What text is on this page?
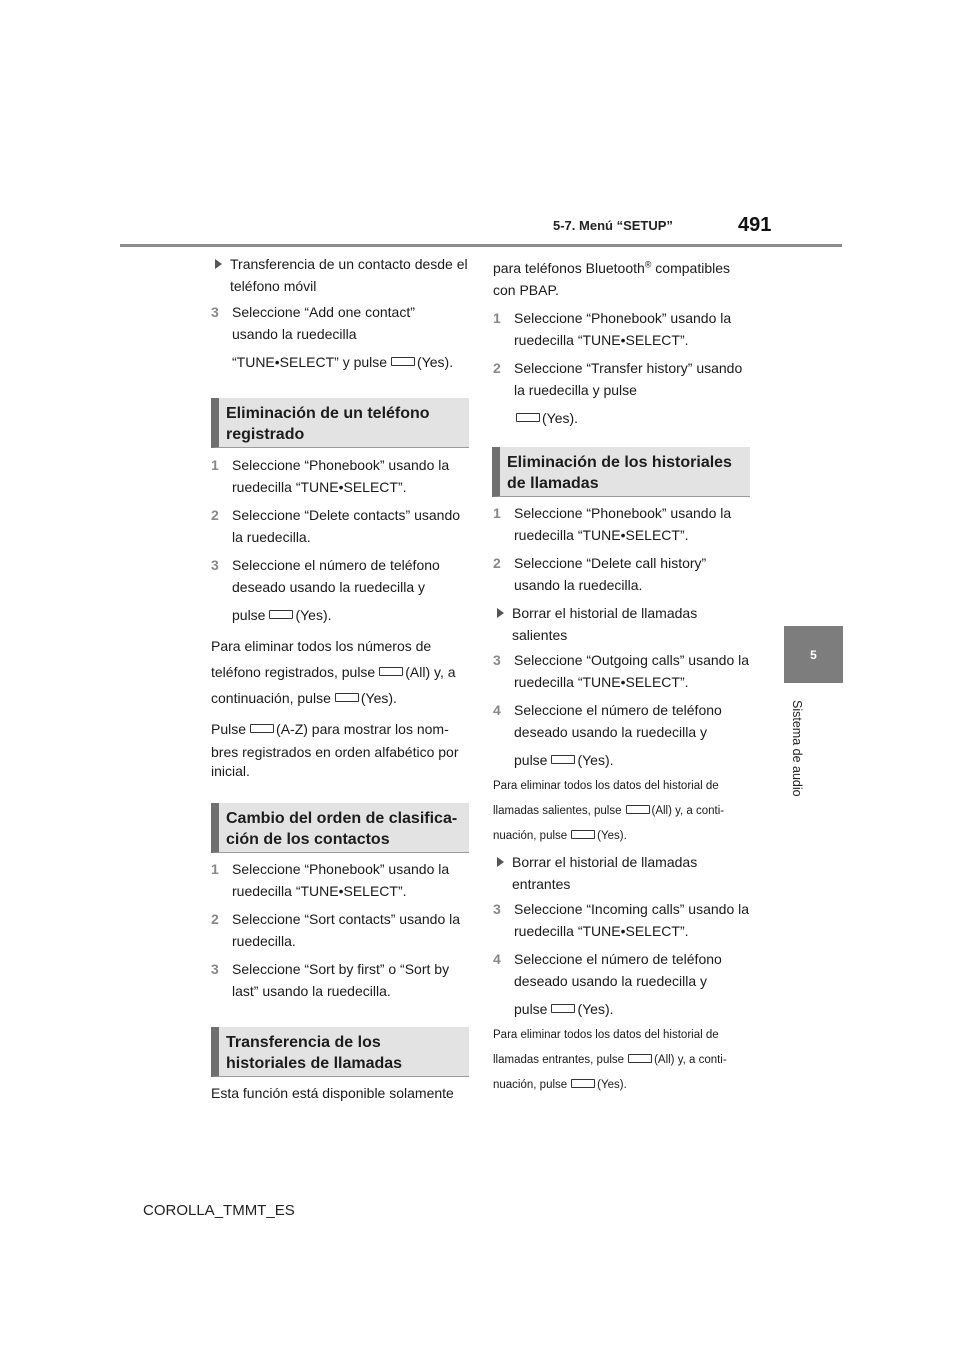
5-7. Menú “SETUP”	491
5
Sistema de audio

Transferencia de un contacto desde el teléfono móvil

3 Seleccione “Add one contact”
usando la ruedecilla

“TUNE•SELECT” y pulse (Yes).

Eliminación de un teléfono registrado

1 Seleccione “Phonebook” usando la ruedecilla “TUNE•SELECT”.

2 Seleccione “Delete contacts” usando la ruedecilla.

3 Seleccione el número de teléfono deseado usando la ruedecilla y

pulse (Yes).

Para eliminar todos los números de

teléfono registrados, pulse (All) y, a

continuación, pulse (Yes).

Pulse (A-Z) para mostrar los nom-

bres registrados en orden alfabético por inicial.

Cambio del orden de clasifica- ción de los contactos

1 Seleccione “Phonebook” usando la ruedecilla “TUNE•SELECT”.

2 Seleccione “Sort contacts” usando la ruedecilla.

3 Seleccione “Sort by first” o “Sort by last” usando la ruedecilla.

Transferencia de los historiales de llamadas

Esta función está disponible solamente

para teléfonos Bluetooth® compatibles con PBAP.

1 Seleccione “Phonebook” usando la ruedecilla “TUNE•SELECT”.

2 Seleccione “Transfer history” usando la ruedecilla y pulse

(Yes).

Eliminación de los historiales de llamadas

1 Seleccione “Phonebook” usando la ruedecilla “TUNE•SELECT”.

2 Seleccione “Delete call history” usando la ruedecilla.

Borrar el historial de llamadas salientes

3 Seleccione “Outgoing calls” usando la ruedecilla “TUNE•SELECT”.

4 Seleccione el número de teléfono deseado usando la ruedecilla y

pulse (Yes).

Para eliminar todos los datos del historial de

llamadas salientes, pulse	(All) y, a conti-

nuación, pulse	(Yes).

Borrar el historial de llamadas entrantes

3 Seleccione “Incoming calls” usando la ruedecilla “TUNE•SELECT”.

4 Seleccione el número de teléfono deseado usando la ruedecilla y

pulse (Yes).

Para eliminar todos los datos del historial de

llamadas entrantes, pulse	(All) y, a conti-

nuación, pulse	(Yes).

COROLLA_TMMT_ES
